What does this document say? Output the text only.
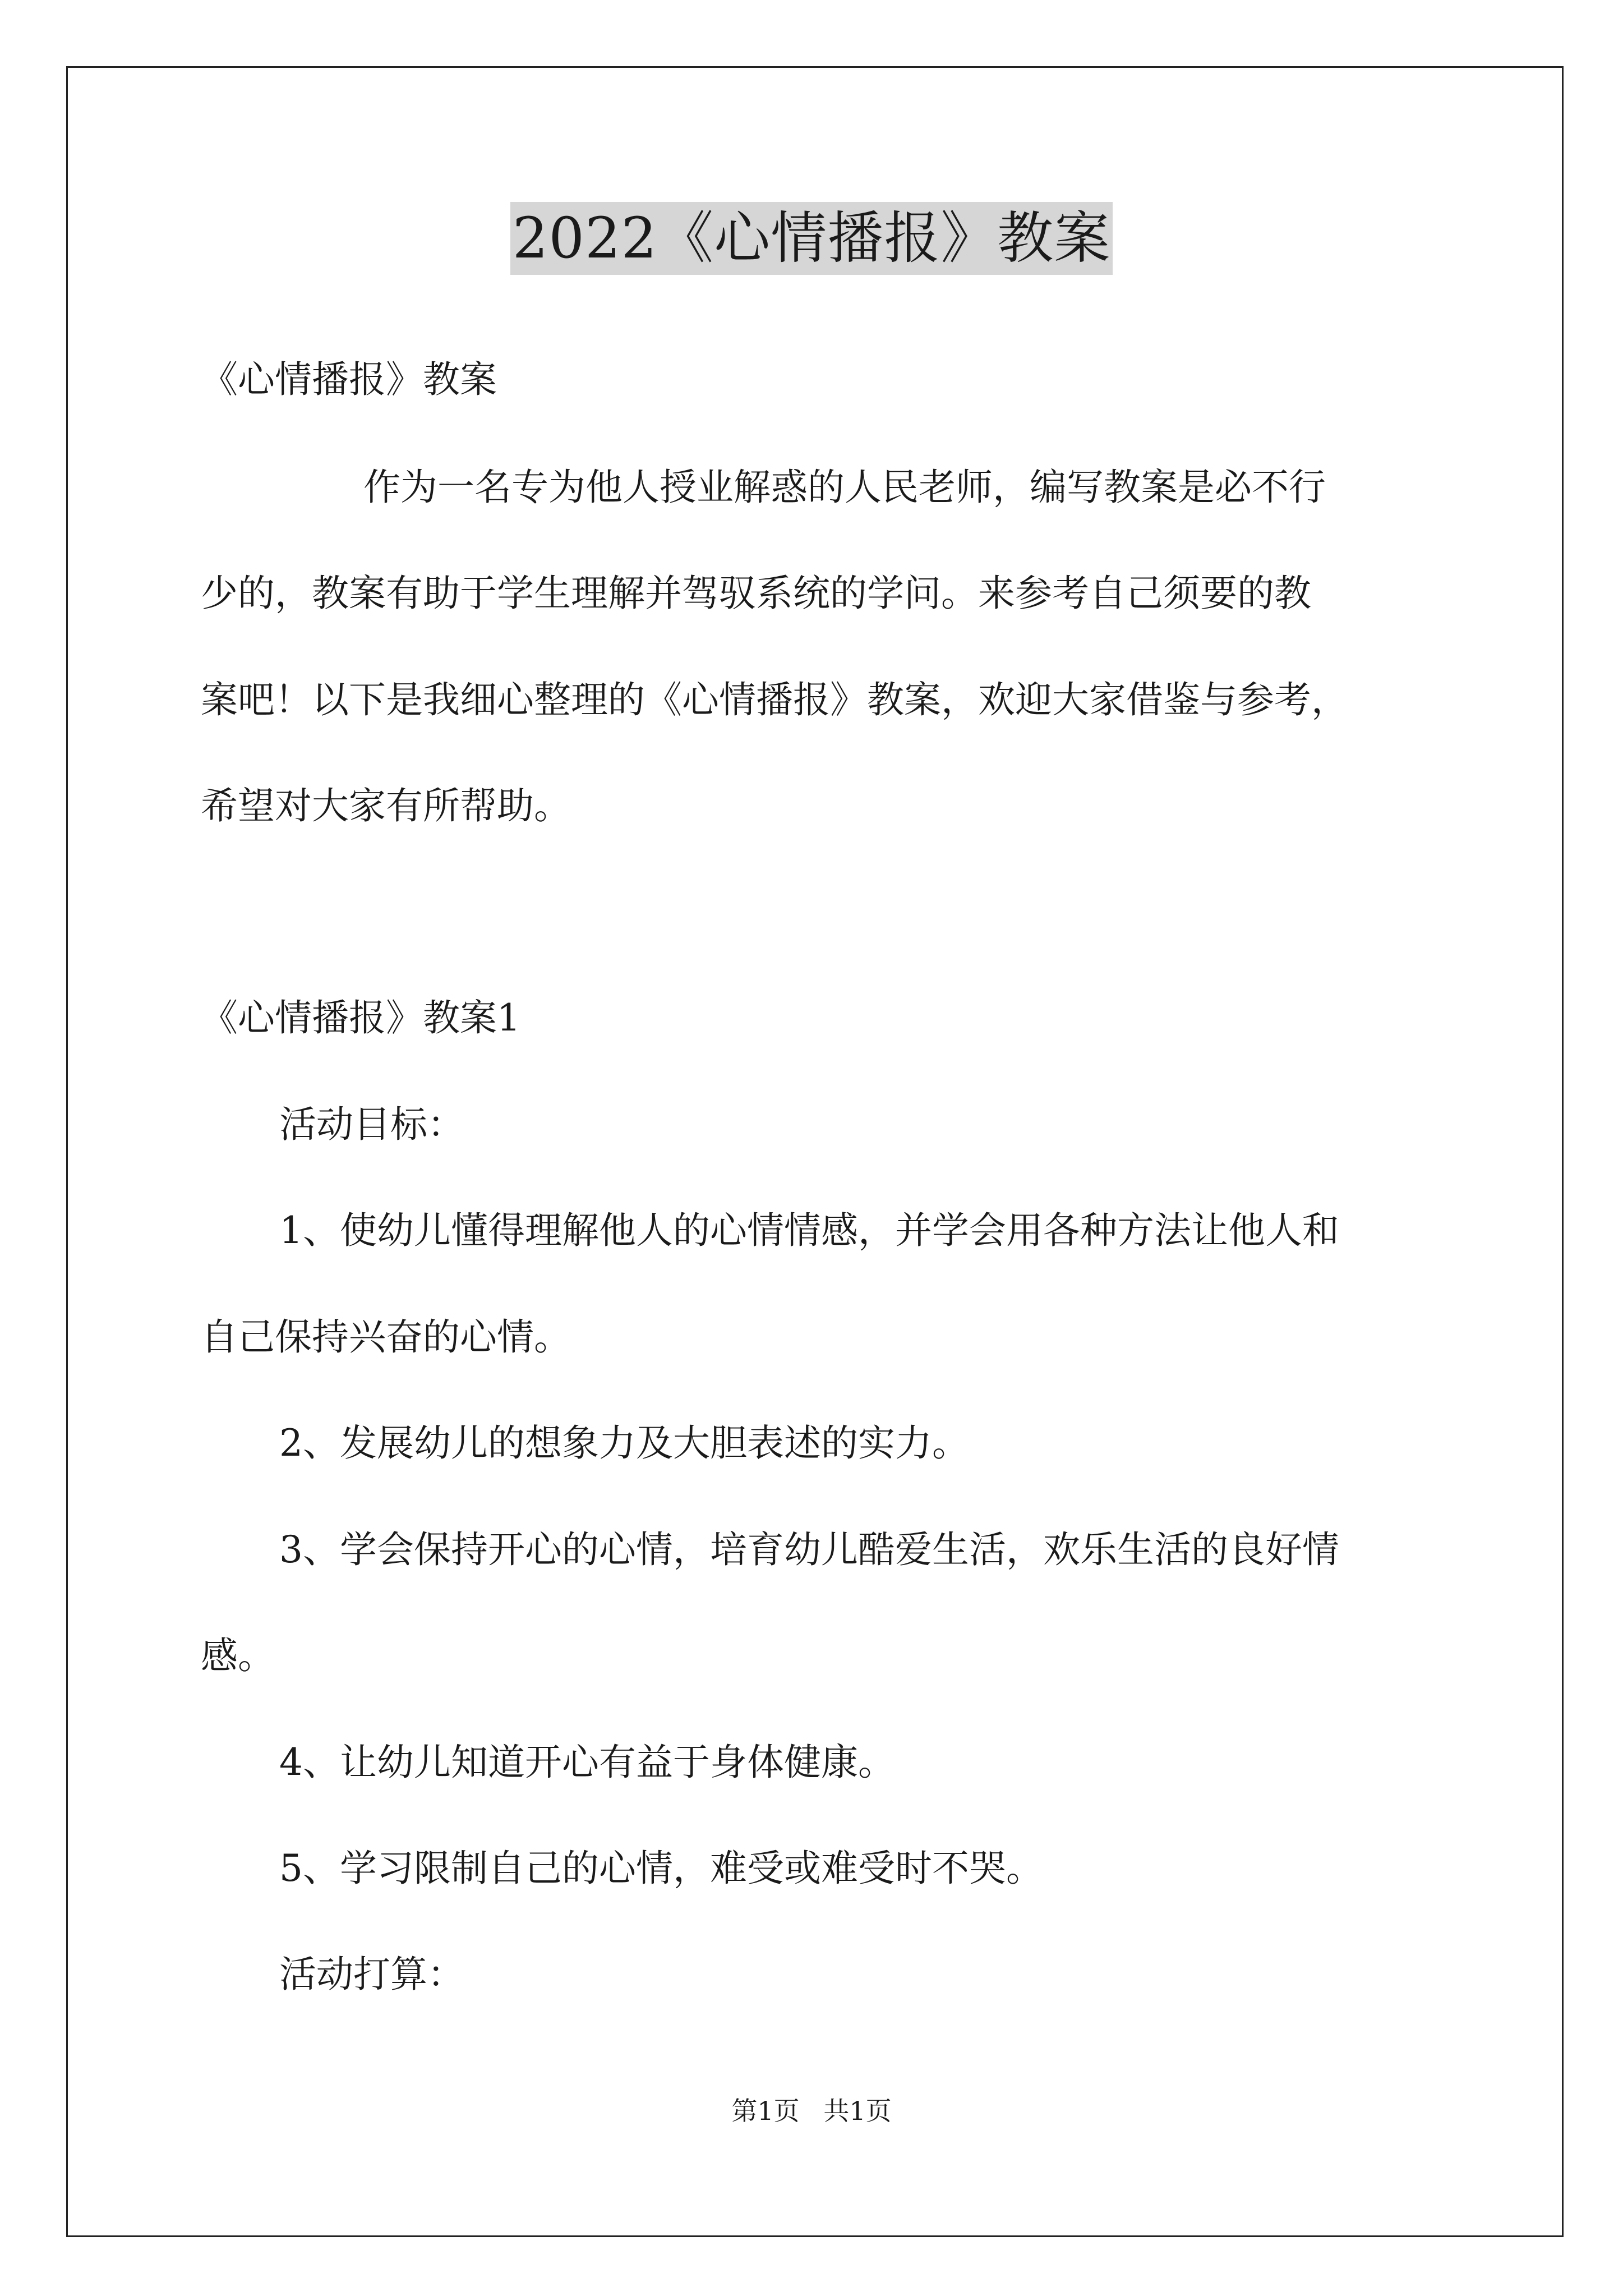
2022《心情播报》教案
《心情播报》教案
作为一名专为他人授业解惑的人民老师，编写教案是必不行
少的，教案有助于学生理解并驾驭系统的学问。来参考自己须要的教
案吧！以下是我细心整理的《心情播报》教案，欢迎大家借鉴与参考，
希望对大家有所帮助。
《心情播报》教案1
活动目标：
1、使幼儿懂得理解他人的心情情感，并学会用各种方法让他人和
自己保持兴奋的心情。
2、发展幼儿的想象力及大胆表述的实力。
3、学会保持开心的心情，培育幼儿酷爱生活，欢乐生活的良好情
感。
4、让幼儿知道开心有益于身体健康。
5、学习限制自己的心情，难受或难受时不哭。
活动打算：
第1页 共1页
